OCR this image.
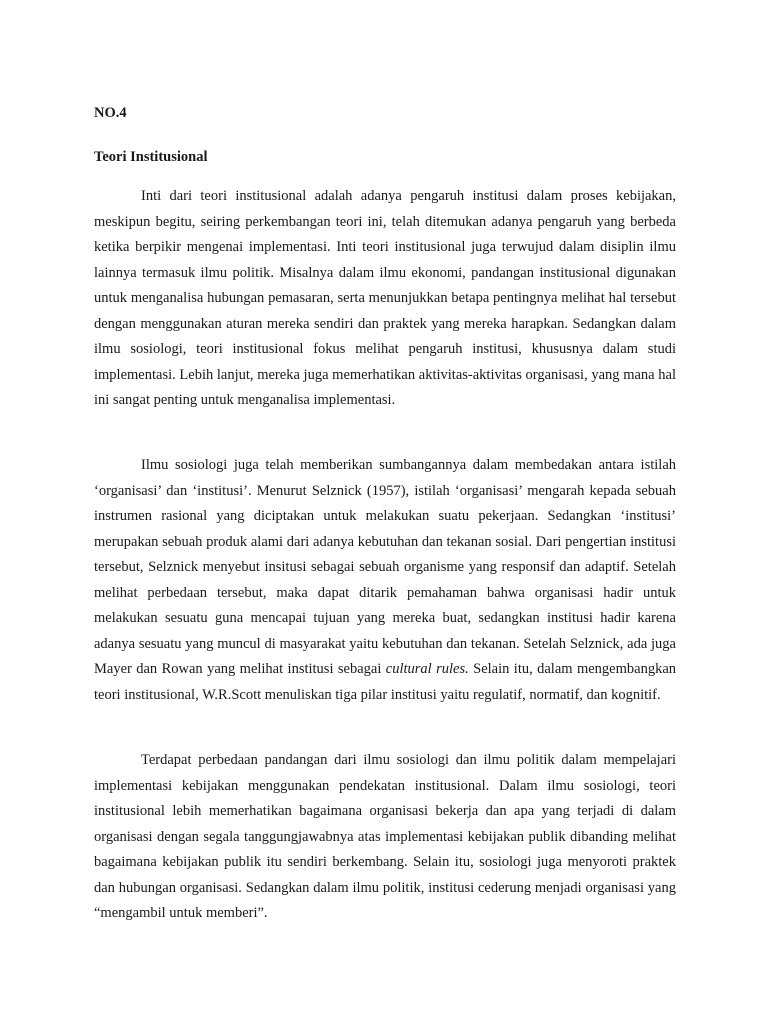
NO.4
Teori Institusional

Inti dari teori institusional adalah adanya pengaruh institusi dalam proses kebijakan, meskipun begitu, seiring perkembangan teori ini, telah ditemukan adanya pengaruh yang berbeda ketika berpikir mengenai implementasi. Inti teori institusional juga terwujud dalam disiplin ilmu lainnya termasuk ilmu politik. Misalnya dalam ilmu ekonomi, pandangan institusional digunakan untuk menganalisa hubungan pemasaran, serta menunjukkan betapa pentingnya melihat hal tersebut dengan menggunakan aturan mereka sendiri dan praktek yang mereka harapkan. Sedangkan dalam ilmu sosiologi, teori institusional fokus melihat pengaruh institusi, khususnya dalam studi implementasi. Lebih lanjut, mereka juga memerhatikan aktivitas-aktivitas organisasi, yang mana hal ini sangat penting untuk menganalisa implementasi.

Ilmu sosiologi juga telah memberikan sumbangannya dalam membedakan antara istilah ‘organisasi’ dan ‘institusi’. Menurut Selznick (1957), istilah ‘organisasi’ mengarah kepada sebuah instrumen rasional yang diciptakan untuk melakukan suatu pekerjaan. Sedangkan ‘institusi’ merupakan sebuah produk alami dari adanya kebutuhan dan tekanan sosial. Dari pengertian institusi tersebut, Selznick menyebut insitusi sebagai sebuah organisme yang responsif dan adaptif. Setelah melihat perbedaan tersebut, maka dapat ditarik pemahaman bahwa organisasi hadir untuk melakukan sesuatu guna mencapai tujuan yang mereka buat, sedangkan institusi hadir karena adanya sesuatu yang muncul di masyarakat yaitu kebutuhan dan tekanan. Setelah Selznick, ada juga Mayer dan Rowan yang melihat institusi sebagai cultural rules. Selain itu, dalam mengembangkan teori institusional, W.R.Scott menuliskan tiga pilar institusi yaitu regulatif, normatif, dan kognitif.

Terdapat perbedaan pandangan dari ilmu sosiologi dan ilmu politik dalam mempelajari implementasi kebijakan menggunakan pendekatan institusional. Dalam ilmu sosiologi, teori institusional lebih memerhatikan bagaimana organisasi bekerja dan apa yang terjadi di dalam organisasi dengan segala tanggungjawabnya atas implementasi kebijakan publik dibanding melihat bagaimana kebijakan publik itu sendiri berkembang. Selain itu, sosiologi juga menyoroti praktek dan hubungan organisasi. Sedangkan dalam ilmu politik, institusi cederung menjadi organisasi yang “mengambil untuk memberi”.
